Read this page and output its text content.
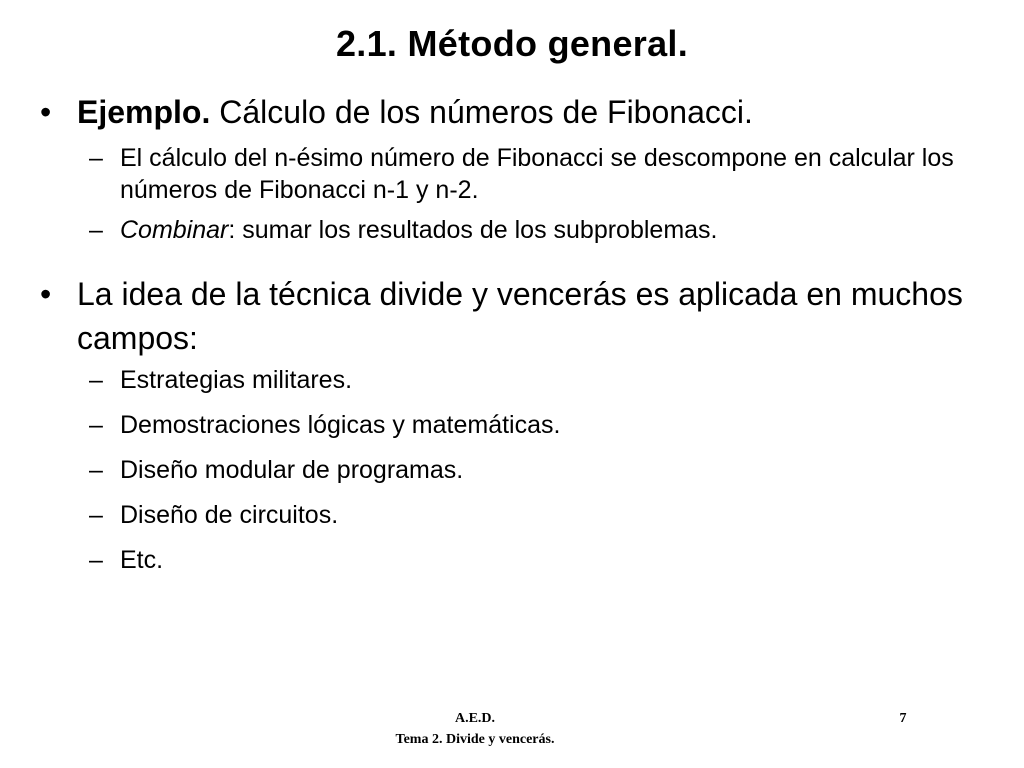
2.1. Método general.
• Ejemplo. Cálculo de los números de Fibonacci.
– El cálculo del n-ésimo número de Fibonacci se descompone en calcular los números de Fibonacci n-1 y n-2.
– Combinar: sumar los resultados de los subproblemas.
• La idea de la técnica divide y vencerás es aplicada en muchos campos:
– Estrategias militares.
– Demostraciones lógicas y matemáticas.
– Diseño modular de programas.
– Diseño de circuitos.
– Etc.
A.E.D.
Tema 2. Divide y vencerás.
7
